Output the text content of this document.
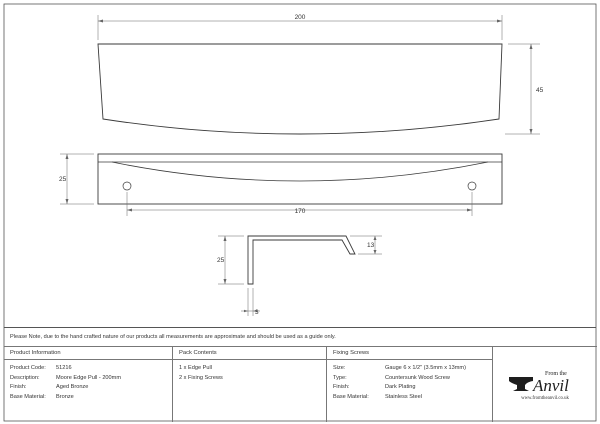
200
45
25
170
25
13
3
Please Note, due to the hand crafted nature of our products all measurements are approximate and should be used as a guide only.
Product Information
Product Code: 51216
Description:	Moore Edge Pull - 200mm
Finish:	Aged Bronze
Base Material: Bronze
Pack Contents
1 x Edge Pull
2 x Fixing Screws
Fixing Screws
Size:	Gauge 6 x 1/2" (3.5mm x 13mm)
Type:	Countersunk Wood Screw
Finish:	Dark Plating
Base Material:	Stainless Steel
From the
Anvil
www.fromtheanvil.co.uk
